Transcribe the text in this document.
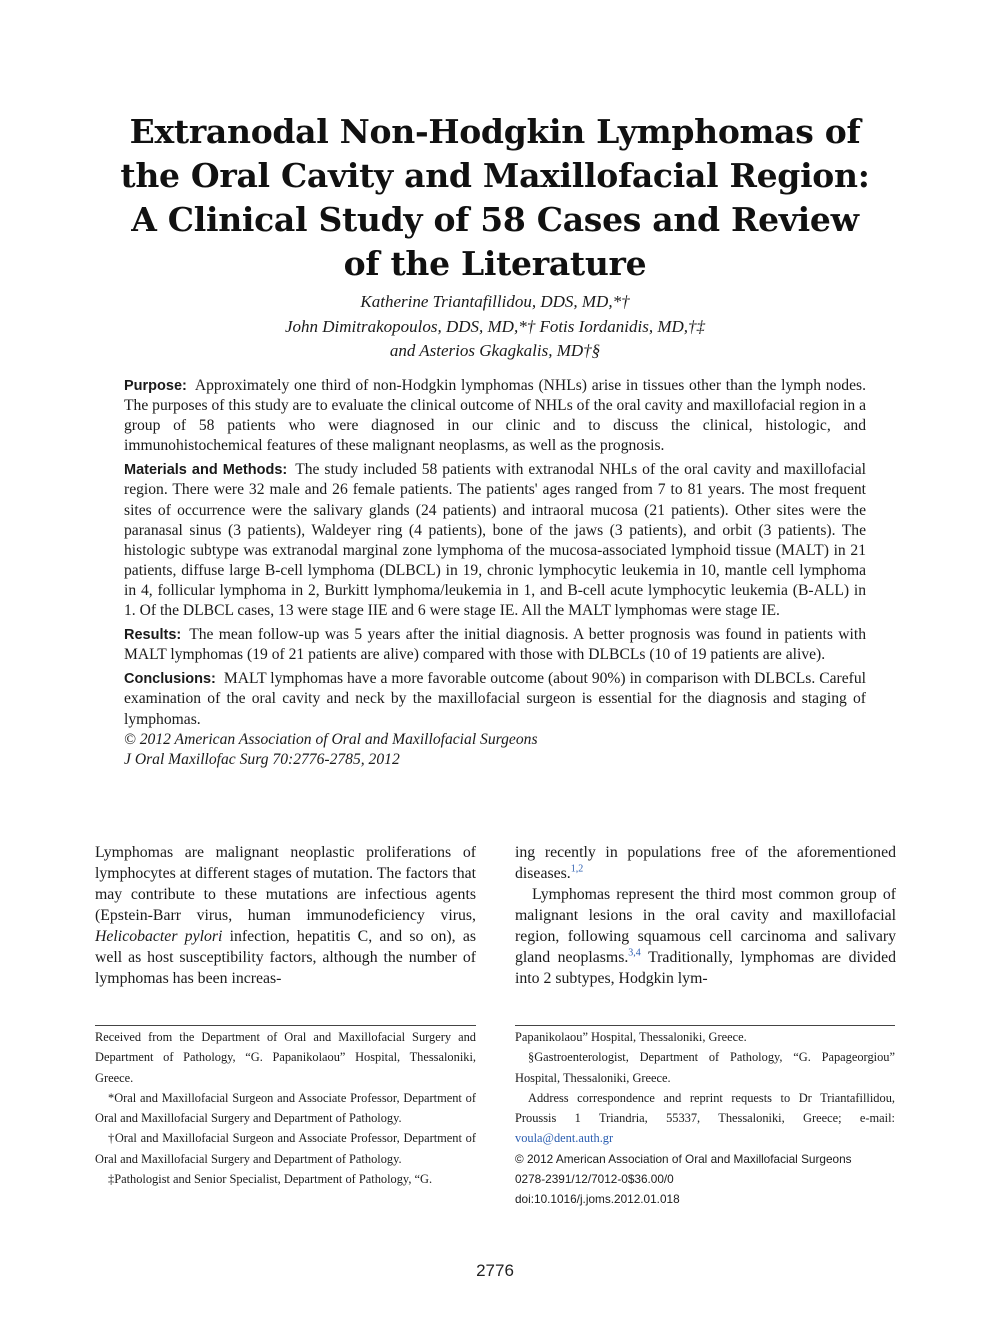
Extranodal Non-Hodgkin Lymphomas of
the Oral Cavity and Maxillofacial Region:
A Clinical Study of 58 Cases and Review
of the Literature
Katherine Triantafillidou, DDS, MD,*†
John Dimitrakopoulos, DDS, MD,*† Fotis Iordanidis, MD,†‡
and Asterios Gkagkalis, MD†§

Purpose: Approximately one third of non-Hodgkin lymphomas (NHLs) arise in tissues other than the lymph nodes. The purposes of this study are to evaluate the clinical outcome of NHLs of the oral cavity and maxillofacial region in a group of 58 patients who were diagnosed in our clinic and to discuss the clinical, histologic, and immunohistochemical features of these malignant neoplasms, as well as the prognosis.

Materials and Methods: The study included 58 patients with extranodal NHLs of the oral cavity and maxillofacial region. There were 32 male and 26 female patients. The patients' ages ranged from 7 to 81 years. The most frequent sites of occurrence were the salivary glands (24 patients) and intraoral mucosa (21 patients). Other sites were the paranasal sinus (3 patients), Waldeyer ring (4 patients), bone of the jaws (3 patients), and orbit (3 patients). The histologic subtype was extranodal marginal zone lymphoma of the mucosa-associated lymphoid tissue (MALT) in 21 patients, diffuse large B-cell lymphoma (DLBCL) in 19, chronic lymphocytic leukemia in 10, mantle cell lymphoma in 4, follicular lymphoma in 2, Burkitt lymphoma/leukemia in 1, and B-cell acute lymphocytic leukemia (B-ALL) in 1. Of the DLBCL cases, 13 were stage IIE and 6 were stage IE. All the MALT lymphomas were stage IE.

Results: The mean follow-up was 5 years after the initial diagnosis. A better prognosis was found in patients with MALT lymphomas (19 of 21 patients are alive) compared with those with DLBCLs (10 of 19 patients are alive).

Conclusions: MALT lymphomas have a more favorable outcome (about 90%) in comparison with DLBCLs. Careful examination of the oral cavity and neck by the maxillofacial surgeon is essential for the diagnosis and staging of lymphomas.
© 2012 American Association of Oral and Maxillofacial Surgeons
J Oral Maxillofac Surg 70:2776-2785, 2012

Lymphomas are malignant neoplastic proliferations of lymphocytes at different stages of mutation. The factors that may contribute to these mutations are infectious agents (Epstein-Barr virus, human immunodeficiency virus, Helicobacter pylori infection, hepatitis C, and so on), as well as host susceptibility factors, although the number of lymphomas has been increas-

ing recently in populations free of the aforementioned diseases.$^{1,2}$

Lymphomas represent the third most common group of malignant lesions in the oral cavity and maxillofacial region, following squamous cell carcinoma and salivary gland neoplasms.$^{3,4}$ Traditionally, lymphomas are divided into 2 subtypes, Hodgkin lym-

Received from the Department of Oral and Maxillofacial Surgery and Department of Pathology, “G. Papanikolaou” Hospital, Thessaloniki, Greece.

*Oral and Maxillofacial Surgeon and Associate Professor, Department of Oral and Maxillofacial Surgery and Department of Pathology.

†Oral and Maxillofacial Surgeon and Associate Professor, Department of Oral and Maxillofacial Surgery and Department of Pathology.

‡Pathologist and Senior Specialist, Department of Pathology, “G.

Papanikolaou” Hospital, Thessaloniki, Greece.

§Gastroenterologist, Department of Pathology, “G. Papageorgiou” Hospital, Thessaloniki, Greece.

Address correspondence and reprint requests to Dr Triantafillidou, Proussis 1 Triandria, 55337, Thessaloniki, Greece; e-mail: voula@dent.auth.gr

© 2012 American Association of Oral and Maxillofacial Surgeons

0278-2391/12/7012-0$36.00/0

doi:10.1016/j.joms.2012.01.018

2776
